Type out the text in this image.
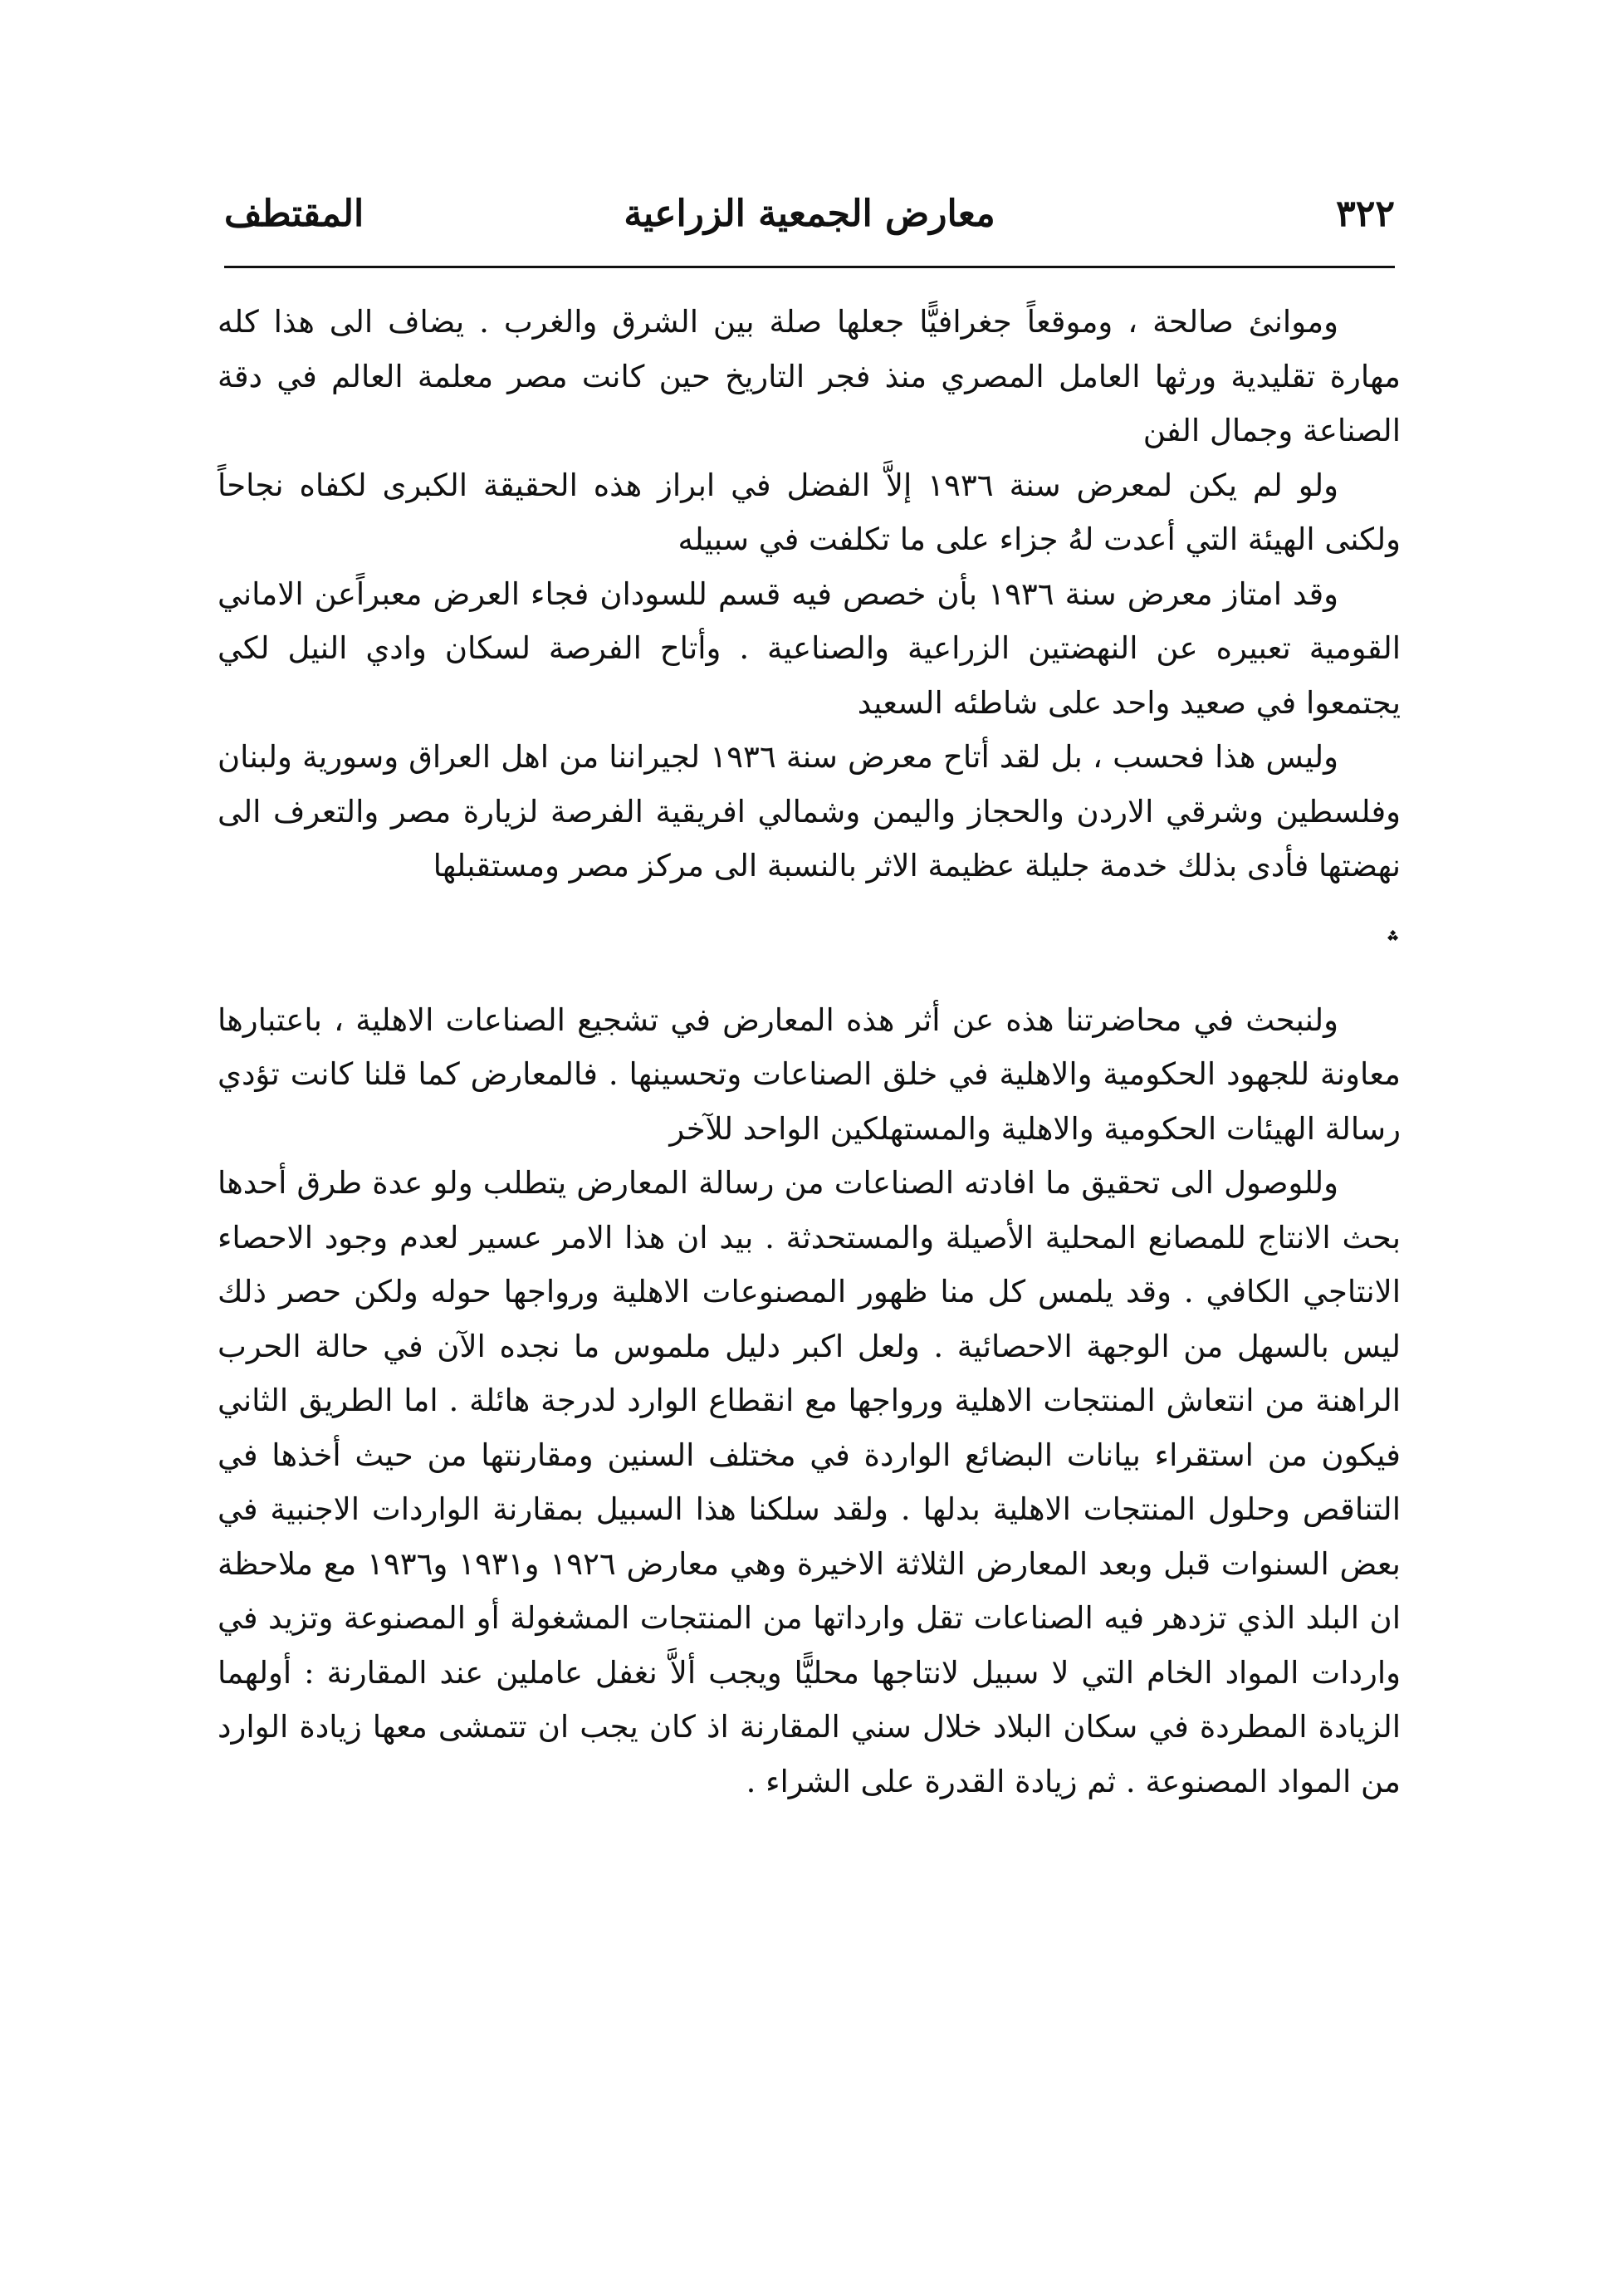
٣٢٢
معارض الجمعية الزراعية
المقتطف

وموانئ صالحة ، وموقعاً جغرافيًّا جعلها صلة بين الشرق والغرب . يضاف الى هذا كله مهارة تقليدية ورثها العامل المصري منذ فجر التاريخ حين كانت مصر معلمة العالم في دقة الصناعة وجمال الفن

ولو لم يكن لمعرض سنة ١٩٣٦ إلاَّ الفضل في ابراز هذه الحقيقة الكبرى لكفاه نجاحاً ولكنى الهيئة التي أعدت لهُ جزاء على ما تكلفت في سبيله

وقد امتاز معرض سنة ١٩٣٦ بأن خصص فيه قسم للسودان فجاء العرض معبراًعن الاماني القومية تعبيره عن النهضتين الزراعية والصناعية . وأتاح الفرصة لسكان وادي النيل لكي يجتمعوا في صعيد واحد على شاطئه السعيد

وليس هذا فحسب ، بل لقد أتاح معرض سنة ١٩٣٦ لجيراننا من اهل العراق وسورية ولبنان وفلسطين وشرقي الاردن والحجاز واليمن وشمالي افريقية الفرصة لزيارة مصر والتعرف الى نهضتها فأدى بذلك خدمة جليلة عظيمة الاثر بالنسبة الى مركز مصر ومستقبلها

؞

ولنبحث في محاضرتنا هذه عن أثر هذه المعارض في تشجيع الصناعات الاهلية ، باعتبارها معاونة للجهود الحكومية والاهلية في خلق الصناعات وتحسينها . فالمعارض كما قلنا كانت تؤدي رسالة الهيئات الحكومية والاهلية والمستهلكين الواحد للآخر

وللوصول الى تحقيق ما افادته الصناعات من رسالة المعارض يتطلب ولو عدة طرق أحدها بحث الانتاج للمصانع المحلية الأصيلة والمستحدثة . بيد ان هذا الامر عسير لعدم وجود الاحصاء الانتاجي الكافي . وقد يلمس كل منا ظهور المصنوعات الاهلية ورواجها حوله ولكن حصر ذلك ليس بالسهل من الوجهة الاحصائية . ولعل اكبر دليل ملموس ما نجده الآن في حالة الحرب الراهنة من انتعاش المنتجات الاهلية ورواجها مع انقطاع الوارد لدرجة هائلة . اما الطريق الثاني فيكون من استقراء بيانات البضائع الواردة في مختلف السنين ومقارنتها من حيث أخذها في التناقص وحلول المنتجات الاهلية بدلها . ولقد سلكنا هذا السبيل بمقارنة الواردات الاجنبية في بعض السنوات قبل وبعد المعارض الثلاثة الاخيرة وهي معارض ١٩٢٦ و١٩٣١ و١٩٣٦ مع ملاحظة ان البلد الذي تزدهر فيه الصناعات تقل وارداتها من المنتجات المشغولة أو المصنوعة وتزيد في واردات المواد الخام التي لا سبيل لانتاجها محليًّا ويجب ألاَّ نغفل عاملين عند المقارنة : أولهما الزيادة المطردة في سكان البلاد خلال سني المقارنة اذ كان يجب ان تتمشى معها زيادة الوارد من المواد المصنوعة . ثم زيادة القدرة على الشراء .
